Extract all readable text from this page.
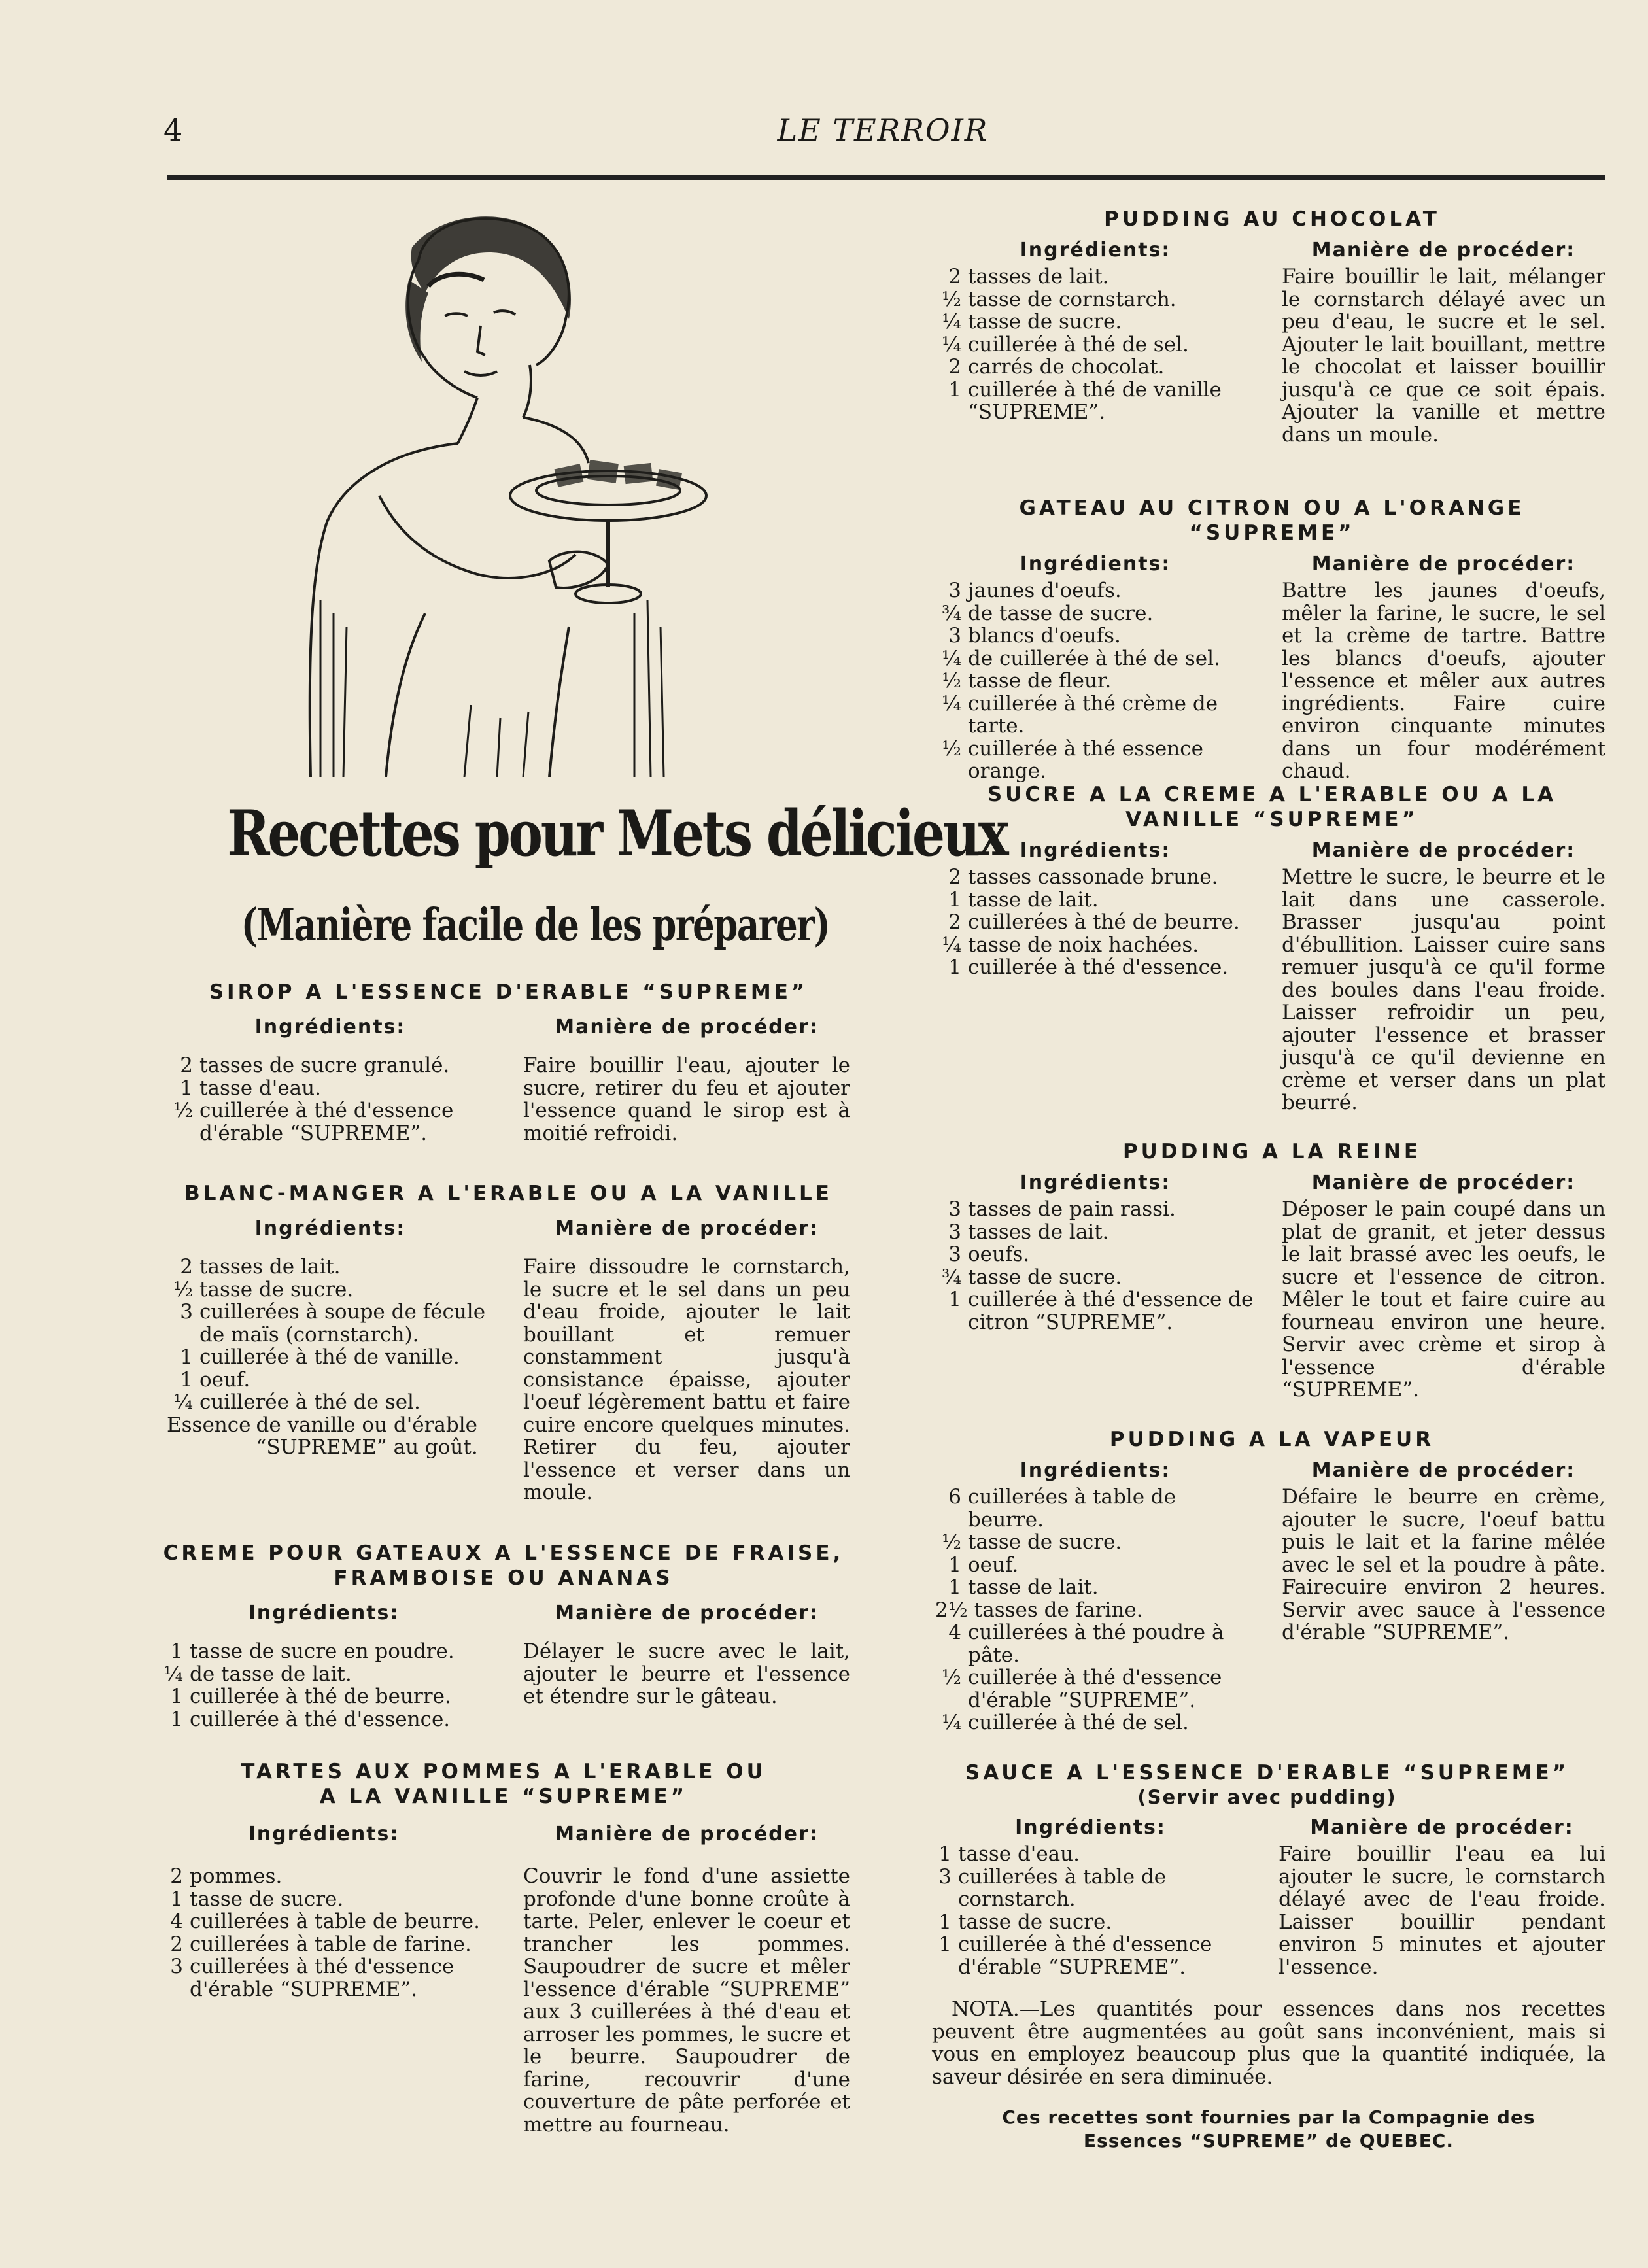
4	LE TERROIR
Recettes pour Mets délicieux
(Manière facile de les préparer)
SIROP A L'ESSENCE D'ERABLE “SUPREME”
Ingrédients:
2 tasses de sucre granulé.
1 tasse d'eau.
½ cuillerée à thé d'essence d'érable “SUPREME”.
Manière de procéder:

Faire bouillir l'eau, ajouter le sucre, retirer du feu et ajouter l'essence quand le sirop est à moitié refroidi.

BLANC-MANGER A L'ERABLE OU A LA VANILLE
Ingrédients:
2 tasses de lait.
½ tasse de sucre.
3 cuillerées à soupe de fécule de maïs (cornstarch).
1 cuillerée à thé de vanille.
1 oeuf.
¼ cuillerée à thé de sel.
Essence de vanille ou d'érable “SUPREME” au goût.
Manière de procéder:

Faire dissoudre le cornstarch, le sucre et le sel dans un peu d'eau froide, ajouter le lait bouillant et remuer constamment jusqu'à consistance épaisse, ajouter l'oeuf légèrement battu et faire cuire encore quelques minutes. Retirer du feu, ajouter l'essence et verser dans un moule.

CREME POUR GATEAUX A L'ESSENCE DE FRAISE, FRAMBOISE OU ANANAS
Ingrédients:
1 tasse de sucre en poudre.
¼ de tasse de lait.
1 cuillerée à thé de beurre.
1 cuillerée à thé d'essence.
Manière de procéder:

Délayer le sucre avec le lait, ajouter le beurre et l'essence et étendre sur le gâteau.

TARTES AUX POMMES A L'ERABLE OU A LA VANILLE “SUPREME”
Ingrédients:
2 pommes.
1 tasse de sucre.
4 cuillerées à table de beurre.
2 cuillerées à table de farine.
3 cuillerées à thé d'essence d'érable “SUPREME”.
Manière de procéder:

Couvrir le fond d'une assiette profonde d'une bonne croûte à tarte. Peler, enlever le coeur et trancher les pommes. Saupoudrer de sucre et mêler l'essence d'érable “SUPREME” aux 3 cuillerées à thé d'eau et arroser les pommes, le sucre et le beurre. Saupoudrer de farine, recouvrir d'une couverture de pâte perforée et mettre au fourneau.

PUDDING AU CHOCOLAT
Ingrédients:
2 tasses de lait.
½ tasse de cornstarch.
¼ tasse de sucre.
¼ cuillerée à thé de sel.
2 carrés de chocolat.
1 cuillerée à thé de vanille “SUPREME”.
Manière de procéder:

Faire bouillir le lait, mélanger le cornstarch délayé avec un peu d'eau, le sucre et le sel. Ajouter le lait bouillant, mettre le chocolat et laisser bouillir jusqu'à ce que ce soit épais. Ajouter la vanille et mettre dans un moule.

GATEAU AU CITRON OU A L'ORANGE “SUPREME”
Ingrédients:
3 jaunes d'oeufs.
¾ de tasse de sucre.
3 blancs d'oeufs.
¼ de cuillerée à thé de sel.
½ tasse de fleur.
¼ cuillerée à thé crème de tarte.
½ cuillerée à thé essence orange.
Manière de procéder:

Battre les jaunes d'oeufs, mêler la farine, le sucre, le sel et la crème de tartre. Battre les blancs d'oeufs, ajouter l'essence et mêler aux autres ingrédients. Faire cuire environ cinquante minutes dans un four modérément chaud.

SUCRE A LA CREME A L'ERABLE OU A LA VANILLE “SUPREME”
Ingrédients:
2 tasses cassonade brune.
1 tasse de lait.
2 cuillerées à thé de beurre.
¼ tasse de noix hachées.
1 cuillerée à thé d'essence.
Manière de procéder:

Mettre le sucre, le beurre et le lait dans une casserole. Brasser jusqu'au point d'ébullition. Laisser cuire sans remuer jusqu'à ce qu'il forme des boules dans l'eau froide. Laisser refroidir un peu, ajouter l'essence et brasser jusqu'à ce qu'il devienne en crème et verser dans un plat beurré.

PUDDING A LA REINE
Ingrédients:
3 tasses de pain rassi.
3 tasses de lait.
3 oeufs.
¾ tasse de sucre.
1 cuillerée à thé d'essence de citron “SUPREME”.
Manière de procéder:

Déposer le pain coupé dans un plat de granit, et jeter dessus le lait brassé avec les oeufs, le sucre et l'essence de citron. Mêler le tout et faire cuire au fourneau environ une heure. Servir avec crème et sirop à l'essence d'érable “SUPREME”.

PUDDING A LA VAPEUR
Ingrédients:
6 cuillerées à table de beurre.
½ tasse de sucre.
1 oeuf.
1 tasse de lait.
2½ tasses de farine.
4 cuillerées à thé poudre à pâte.
½ cuillerée à thé d'essence d'érable “SUPREME”.
¼ cuillerée à thé de sel.
Manière de procéder:

Défaire le beurre en crème, ajouter le sucre, l'oeuf battu puis le lait et la farine mêlée avec le sel et la poudre à pâte. Fairecuire environ 2 heures. Servir avec sauce à l'essence d'érable “SUPREME”.

SAUCE A L'ESSENCE D'ERABLE “SUPREME”
(Servir avec pudding)
Ingrédients:
1 tasse d'eau.
3 cuillerées à table de cornstarch.
1 tasse de sucre.
1 cuillerée à thé d'essence d'érable “SUPREME”.
Manière de procéder:

Faire bouillir l'eau ea lui ajouter le sucre, le cornstarch délayé avec de l'eau froide. Laisser bouillir pendant environ 5 minutes et ajouter l'essence.

NOTA.—Les quantités pour essences dans nos recettes peuvent être augmentées au goût sans inconvénient, mais si vous en employez beaucoup plus que la quantité indiquée, la saveur désirée en sera diminuée.

Ces recettes sont fournies par la Compagnie des Essences “SUPREME” de QUEBEC.
